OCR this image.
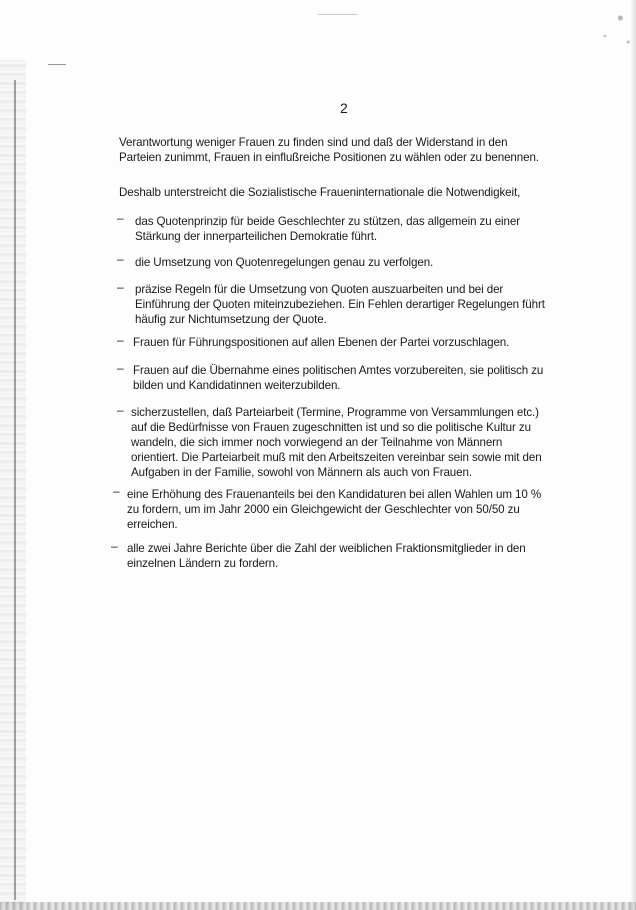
2
Verantwortung weniger Frauen zu finden sind und daß der Widerstand in den
Parteien zunimmt, Frauen in einflußreiche Positionen zu wählen oder zu benennen.
Deshalb unterstreicht die Sozialistische Fraueninternationale die Notwendigkeit,
– das Quotenprinzip für beide Geschlechter zu stützen, das allgemein zu einer
Stärkung der innerparteilichen Demokratie führt.
– die Umsetzung von Quotenregelungen genau zu verfolgen.
– präzise Regeln für die Umsetzung von Quoten auszuarbeiten und bei der
Einführung der Quoten miteinzubeziehen. Ein Fehlen derartiger Regelungen führt
häufig zur Nichtumsetzung der Quote.
– Frauen für Führungspositionen auf allen Ebenen der Partei vorzuschlagen.
– Frauen auf die Übernahme eines politischen Amtes vorzubereiten, sie politisch zu
bilden und Kandidatinnen weiterzubilden.
– sicherzustellen, daß Parteiarbeit (Termine, Programme von Versammlungen etc.)
auf die Bedürfnisse von Frauen zugeschnitten ist und so die politische Kultur zu
wandeln, die sich immer noch vorwiegend an der Teilnahme von Männern
orientiert. Die Parteiarbeit muß mit den Arbeitszeiten vereinbar sein sowie mit den
Aufgaben in der Familie, sowohl von Männern als auch von Frauen.
– eine Erhöhung des Frauenanteils bei den Kandidaturen bei allen Wahlen um 10 %
zu fordern, um im Jahr 2000 ein Gleichgewicht der Geschlechter von 50/50 zu
erreichen.
– alle zwei Jahre Berichte über die Zahl der weiblichen Fraktionsmitglieder in den
einzelnen Ländern zu fordern.
